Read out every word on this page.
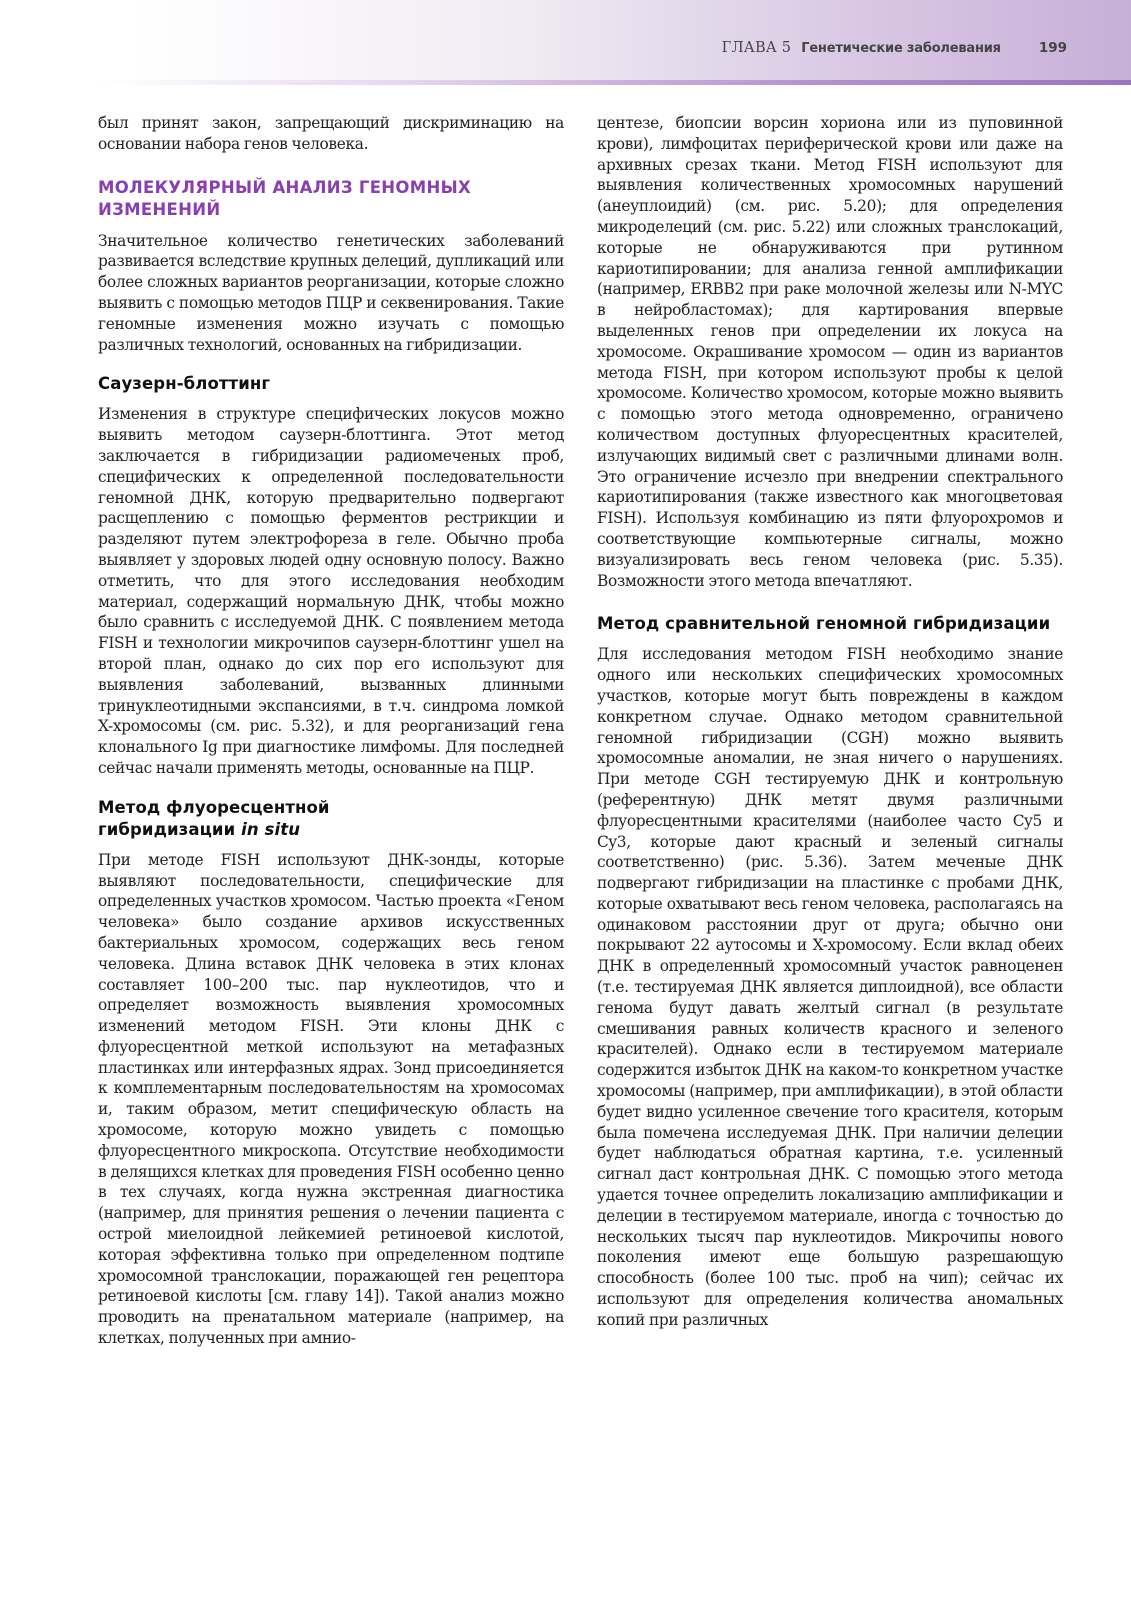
ГЛАВА 5 Генетические заболевания	199

был принят закон, запрещающий дискриминацию на основании набора генов человека.

МОЛЕКУЛЯРНЫЙ АНАЛИЗ ГЕНОМНЫХ ИЗМЕНЕНИЙ

Значительное количество генетических заболеваний развивается вследствие крупных делеций, дупликаций или более сложных вариантов реорганизации, которые сложно выявить с помощью методов ПЦР и секвенирования. Такие геномные изменения можно изучать с помощью различных технологий, основанных на гибридизации.

Саузерн-блоттинг

Изменения в структуре специфических локусов можно выявить методом саузерн-блоттинга. Этот метод заключается в гибридизации радиомеченых проб, специфических к определенной последовательности геномной ДНК, которую предварительно подвергают расщеплению с помощью ферментов рестрикции и разделяют путем электрофореза в геле. Обычно проба выявляет у здоровых людей одну основную полосу. Важно отметить, что для этого исследования необходим материал, содержащий нормальную ДНК, чтобы можно было сравнить с исследуемой ДНК. С появлением метода FISH и технологии микрочипов саузерн-блоттинг ушел на второй план, однако до сих пор его используют для выявления заболеваний, вызванных длинными тринуклеотидными экспансиями, в т.ч. синдрома ломкой X-хромосомы (см. рис. 5.32), и для реорганизаций гена клонального Ig при диагностике лимфомы. Для последней сейчас начали применять методы, основанные на ПЦР.

Метод флуоресцентной
гибридизации in situ

При методе FISH используют ДНК-зонды, которые выявляют последовательности, специфические для определенных участков хромосом. Частью проекта «Геном человека» было создание архивов искусственных бактериальных хромосом, содержащих весь геном человека. Длина вставок ДНК человека в этих клонах составляет 100–200 тыс. пар нуклеотидов, что и определяет возможность выявления хромосомных изменений методом FISH. Эти клоны ДНК с флуоресцентной меткой используют на метафазных пластинках или интерфазных ядрах. Зонд присоединяется к комплементарным последовательностям на хромосомах и, таким образом, метит специфическую область на хромосоме, которую можно увидеть с помощью флуоресцентного микроскопа. Отсутствие необходимости в делящихся клетках для проведения FISH особенно ценно в тех случаях, когда нужна экстренная диагностика (например, для принятия решения о лечении пациента с острой миелоидной лейкемией ретиноевой кислотой, которая эффективна только при определенном подтипе хромосомной транслокации, поражающей ген рецептора ретиноевой кислоты [см. главу 14]). Такой анализ можно проводить на пренатальном материале (например, на клетках, полученных при амнио-

центезе, биопсии ворсин хориона или из пуповинной крови), лимфоцитах периферической крови или даже на архивных срезах ткани. Метод FISH используют для выявления количественных хромосомных нарушений (анеуплоидий) (см. рис. 5.20); для определения микроделеций (см. рис. 5.22) или сложных транслокаций, которые не обнаруживаются при рутинном кариотипировании; для анализа генной амплификации (например, ERBB2 при раке молочной железы или N-MYC в нейробластомах); для картирования впервые выделенных генов при определении их локуса на хромосоме. Окрашивание хромосом — один из вариантов метода FISH, при котором используют пробы к целой хромосоме. Количество хромосом, которые можно выявить с помощью этого метода одновременно, ограничено количеством доступных флуоресцентных красителей, излучающих видимый свет с различными длинами волн. Это ограничение исчезло при внедрении спектрального кариотипирования (также известного как многоцветовая FISH). Используя комбинацию из пяти флуорохромов и соответствующие компьютерные сигналы, можно визуализировать весь геном человека (рис. 5.35). Возможности этого метода впечатляют.

Метод сравнительной геномной гибридизации

Для исследования методом FISH необходимо знание одного или нескольких специфических хромосомных участков, которые могут быть повреждены в каждом конкретном случае. Однако методом сравнительной геномной гибридизации (CGH) можно выявить хромосомные аномалии, не зная ничего о нарушениях. При методе CGH тестируемую ДНК и контрольную (референтную) ДНК метят двумя различными флуоресцентными красителями (наиболее часто Cy5 и Cy3, которые дают красный и зеленый сигналы соответственно) (рис. 5.36). Затем меченые ДНК подвергают гибридизации на пластинке с пробами ДНК, которые охватывают весь геном человека, располагаясь на одинаковом расстоянии друг от друга; обычно они покрывают 22 аутосомы и X-хромосому. Если вклад обеих ДНК в определенный хромосомный участок равноценен (т.е. тестируемая ДНК является диплоидной), все области генома будут давать желтый сигнал (в результате смешивания равных количеств красного и зеленого красителей). Однако если в тестируемом материале содержится избыток ДНК на каком-то конкретном участке хромосомы (например, при амплификации), в этой области будет видно усиленное свечение того красителя, которым была помечена исследуемая ДНК. При наличии делеции будет наблюдаться обратная картина, т.е. усиленный сигнал даст контрольная ДНК. С помощью этого метода удается точнее определить локализацию амплификации и делеции в тестируемом материале, иногда с точностью до нескольких тысяч пар нуклеотидов. Микрочипы нового поколения имеют еще большую разрешающую способность (более 100 тыс. проб на чип); сейчас их используют для определения количества аномальных копий при различных
